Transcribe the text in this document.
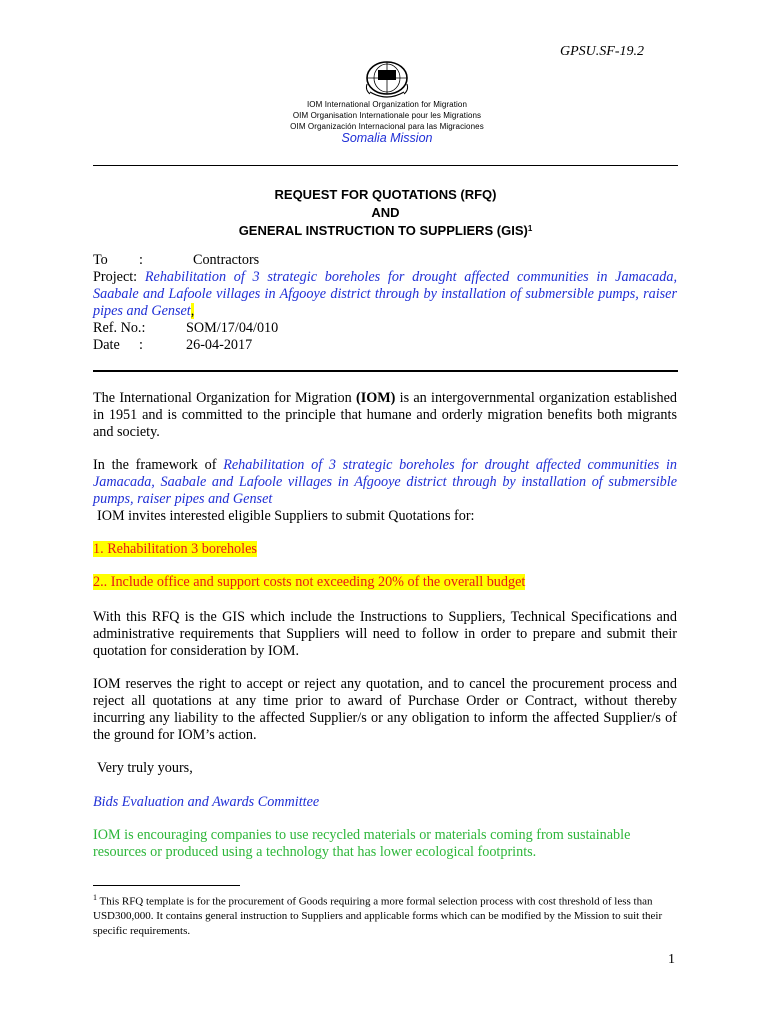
GPSU.SF-19.2
IOM International Organization for Migration
OIM Organisation Internationale pour les Migrations
OIM Organización Internacional para las Migraciones
Somalia Mission
REQUEST FOR QUOTATIONS (RFQ)
AND
GENERAL INSTRUCTION TO SUPPLIERS (GIS)$^1$
To :	Contractors
Project: Rehabilitation of 3 strategic boreholes for drought affected communities in Jamacada, Saabale and Lafoole villages in Afgooye district through by installation of submersible pumps, raiser pipes and Genset,
Ref. No.:	SOM/17/04/010
Date :	26-04-2017
The International Organization for Migration (IOM) is an intergovernmental organization established in 1951 and is committed to the principle that humane and orderly migration benefits both migrants and society.
In the framework of Rehabilitation of 3 strategic boreholes for drought affected communities in Jamacada, Saabale and Lafoole villages in Afgooye district through by installation of submersible pumps, raiser pipes and Genset
IOM invites interested eligible Suppliers to submit Quotations for:
1. Rehabilitation 3 boreholes
2.. Include office and support costs not exceeding 20% of the overall budget
With this RFQ is the GIS which include the Instructions to Suppliers, Technical Specifications and administrative requirements that Suppliers will need to follow in order to prepare and submit their quotation for consideration by IOM.
IOM reserves the right to accept or reject any quotation, and to cancel the procurement process and reject all quotations at any time prior to award of Purchase Order or Contract, without thereby incurring any liability to the affected Supplier/s or any obligation to inform the affected Supplier/s of the ground for IOM’s action.
Very truly yours,
Bids Evaluation and Awards Committee
IOM is encouraging companies to use recycled materials or materials coming from sustainable resources or produced using a technology that has lower ecological footprints.
$^1$ This RFQ template is for the procurement of Goods requiring a more formal selection process with cost threshold of less than USD300,000. It contains general instruction to Suppliers and applicable forms which can be modified by the Mission to suit their specific requirements.
1
